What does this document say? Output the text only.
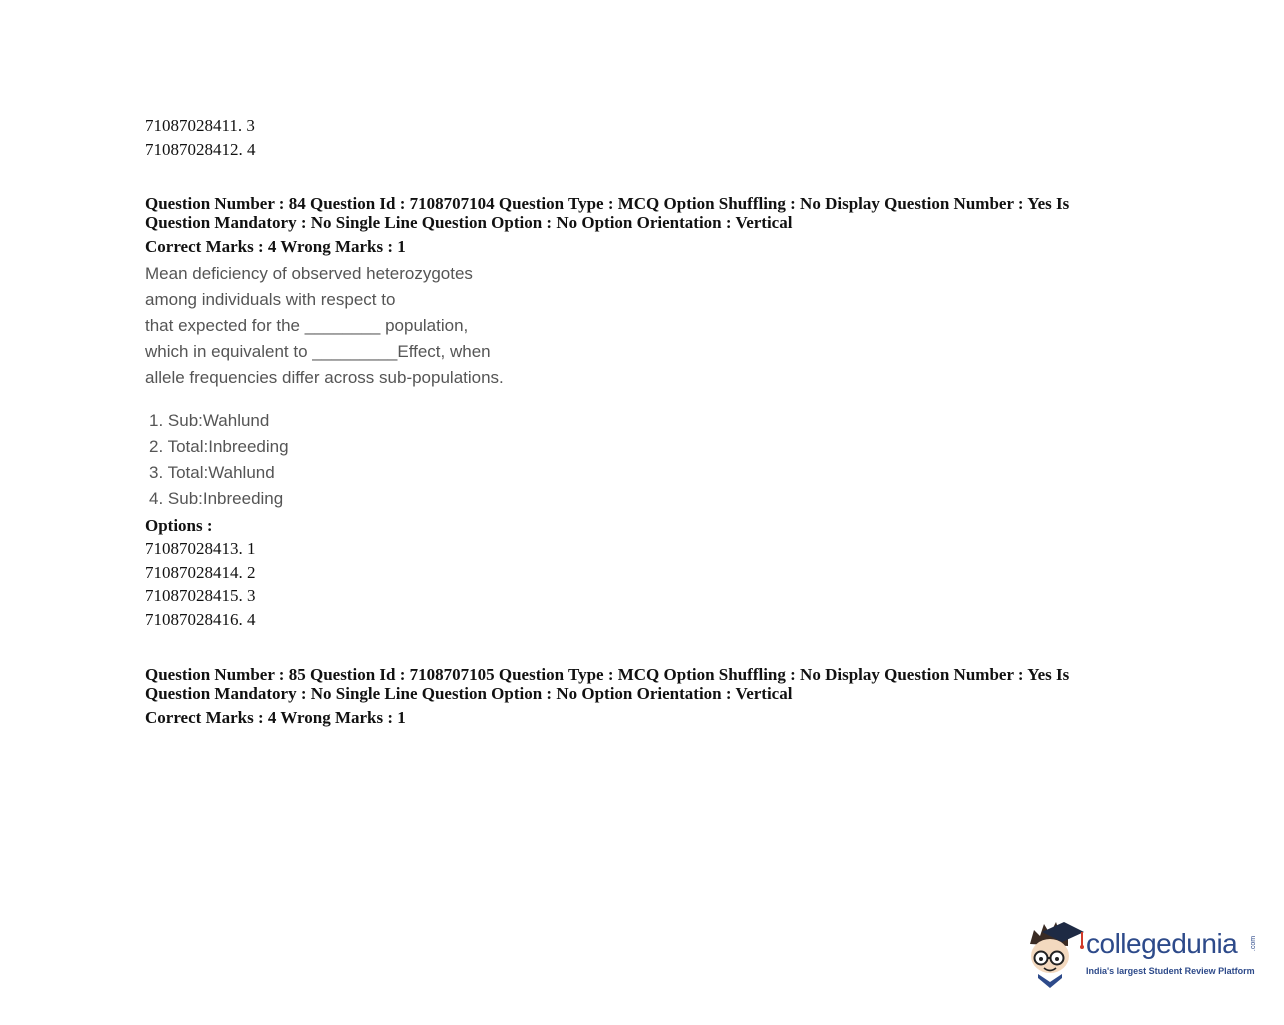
71087028411. 3
71087028412. 4
Question Number : 84 Question Id : 7108707104 Question Type : MCQ Option Shuffling : No Display Question Number : Yes Is
Question Mandatory : No Single Line Question Option : No Option Orientation : Vertical
Correct Marks : 4 Wrong Marks : 1
Mean deficiency of observed heterozygotes
among individuals with respect to
that expected for the ________ population,
which in equivalent to _________Effect, when
allele frequencies differ across sub-populations.
1. Sub:Wahlund
2. Total:Inbreeding
3. Total:Wahlund
4. Sub:Inbreeding
Options :
71087028413. 1
71087028414. 2
71087028415. 3
71087028416. 4
Question Number : 85 Question Id : 7108707105 Question Type : MCQ Option Shuffling : No Display Question Number : Yes Is
Question Mandatory : No Single Line Question Option : No Option Orientation : Vertical
Correct Marks : 4 Wrong Marks : 1
collegedunia .com
India's largest Student Review Platform
